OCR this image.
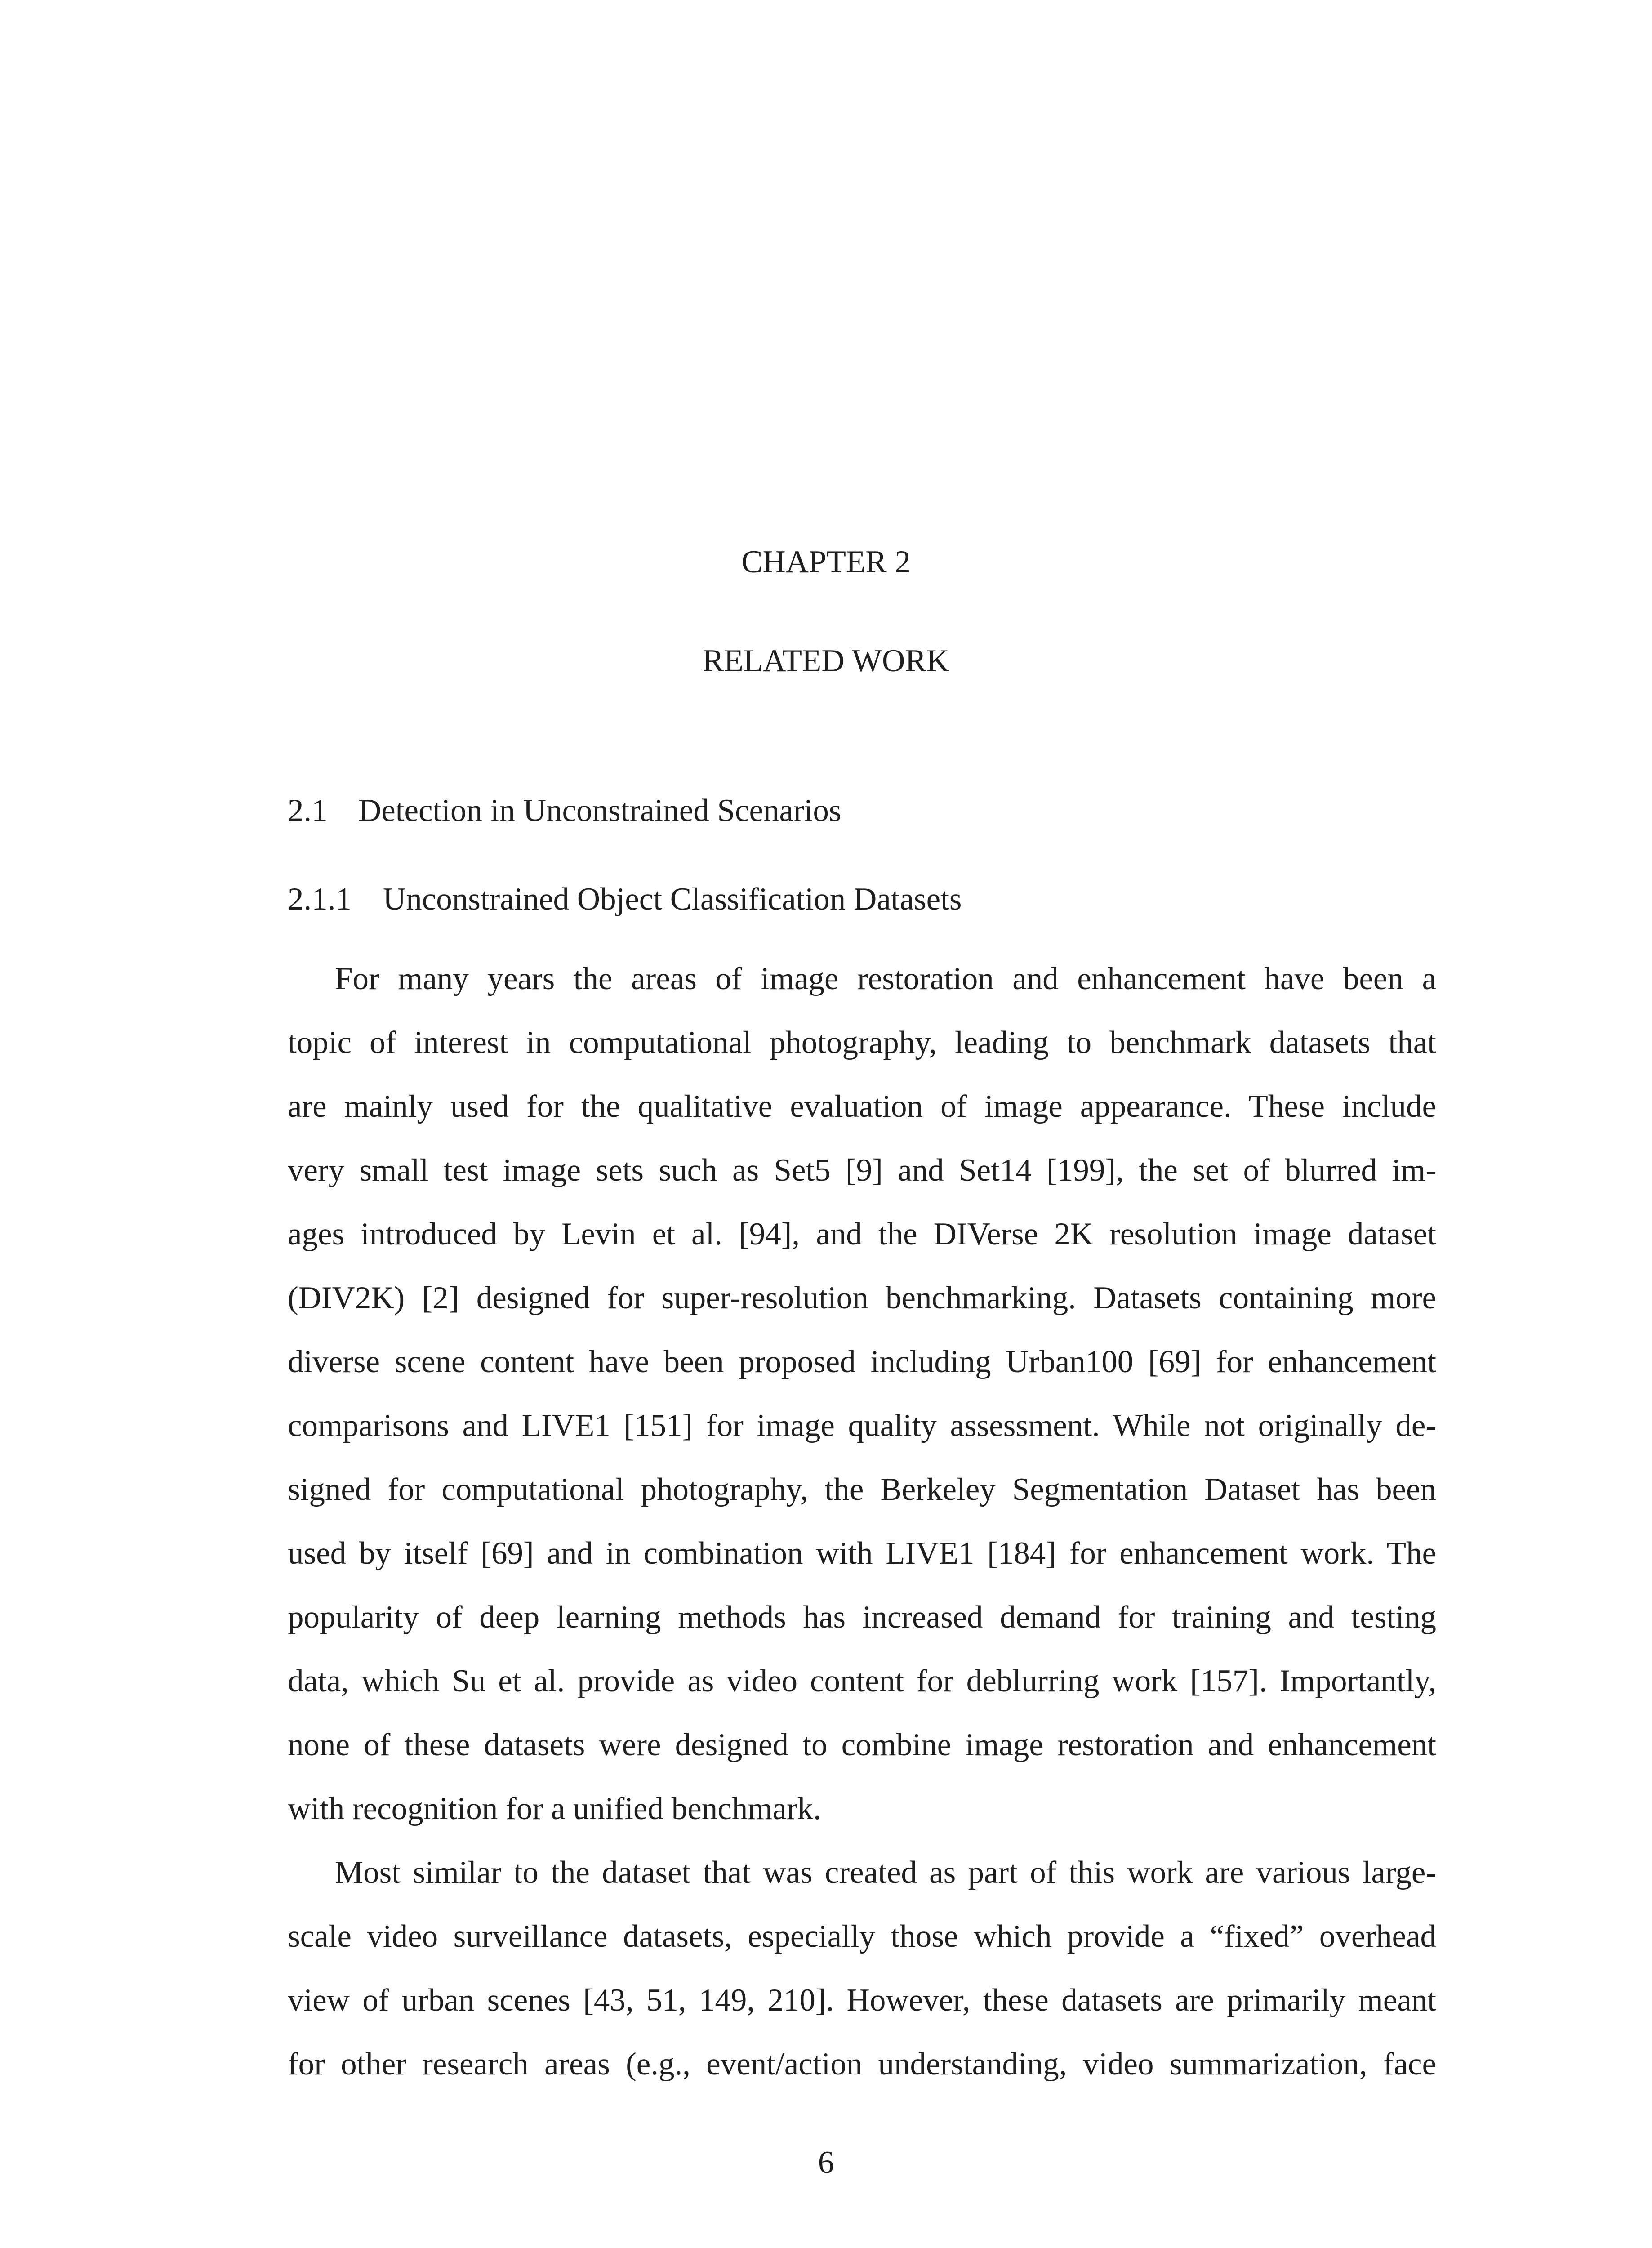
CHAPTER 2
RELATED WORK
2.1 Detection in Unconstrained Scenarios
2.1.1 Unconstrained Object Classification Datasets
For many years the areas of image restoration and enhancement have been a
topic of interest in computational photography, leading to benchmark datasets that
are mainly used for the qualitative evaluation of image appearance. These include
very small test image sets such as Set5 [9] and Set14 [199], the set of blurred im-
ages introduced by Levin et al. [94], and the DIVerse 2K resolution image dataset
(DIV2K) [2] designed for super-resolution benchmarking. Datasets containing more
diverse scene content have been proposed including Urban100 [69] for enhancement
comparisons and LIVE1 [151] for image quality assessment. While not originally de-
signed for computational photography, the Berkeley Segmentation Dataset has been
used by itself [69] and in combination with LIVE1 [184] for enhancement work. The
popularity of deep learning methods has increased demand for training and testing
data, which Su et al. provide as video content for deblurring work [157]. Importantly,
none of these datasets were designed to combine image restoration and enhancement
with recognition for a unified benchmark.
Most similar to the dataset that was created as part of this work are various large-
scale video surveillance datasets, especially those which provide a “fixed” overhead
view of urban scenes [43, 51, 149, 210]. However, these datasets are primarily meant
for other research areas (e.g., event/action understanding, video summarization, face
6
